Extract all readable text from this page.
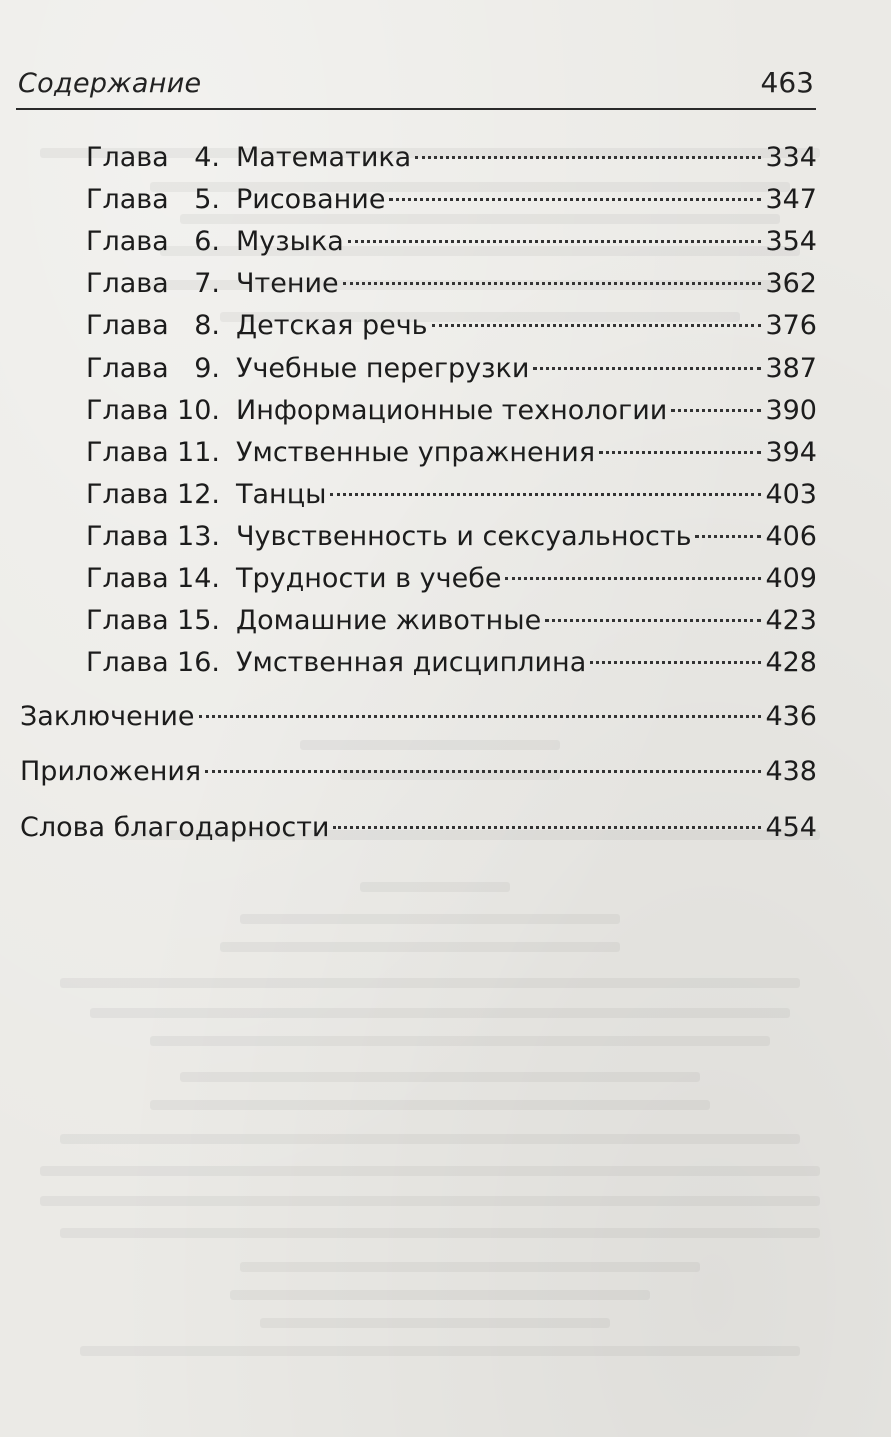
Содержание	463
Глава 4. Математика	334
Глава 5. Рисование	347
Глава 6. Музыка	354
Глава 7. Чтение	362
Глава 8. Детская речь	376
Глава 9. Учебные перегрузки	387
Глава 10. Информационные технологии	390
Глава 11. Умственные упражнения	394
Глава 12. Танцы	403
Глава 13. Чувственность и сексуальность	406
Глава 14. Трудности в учебе	409
Глава 15. Домашние животные	423
Глава 16. Умственная дисциплина	428
Заключение	436
Приложения	438
Слова благодарности	454
